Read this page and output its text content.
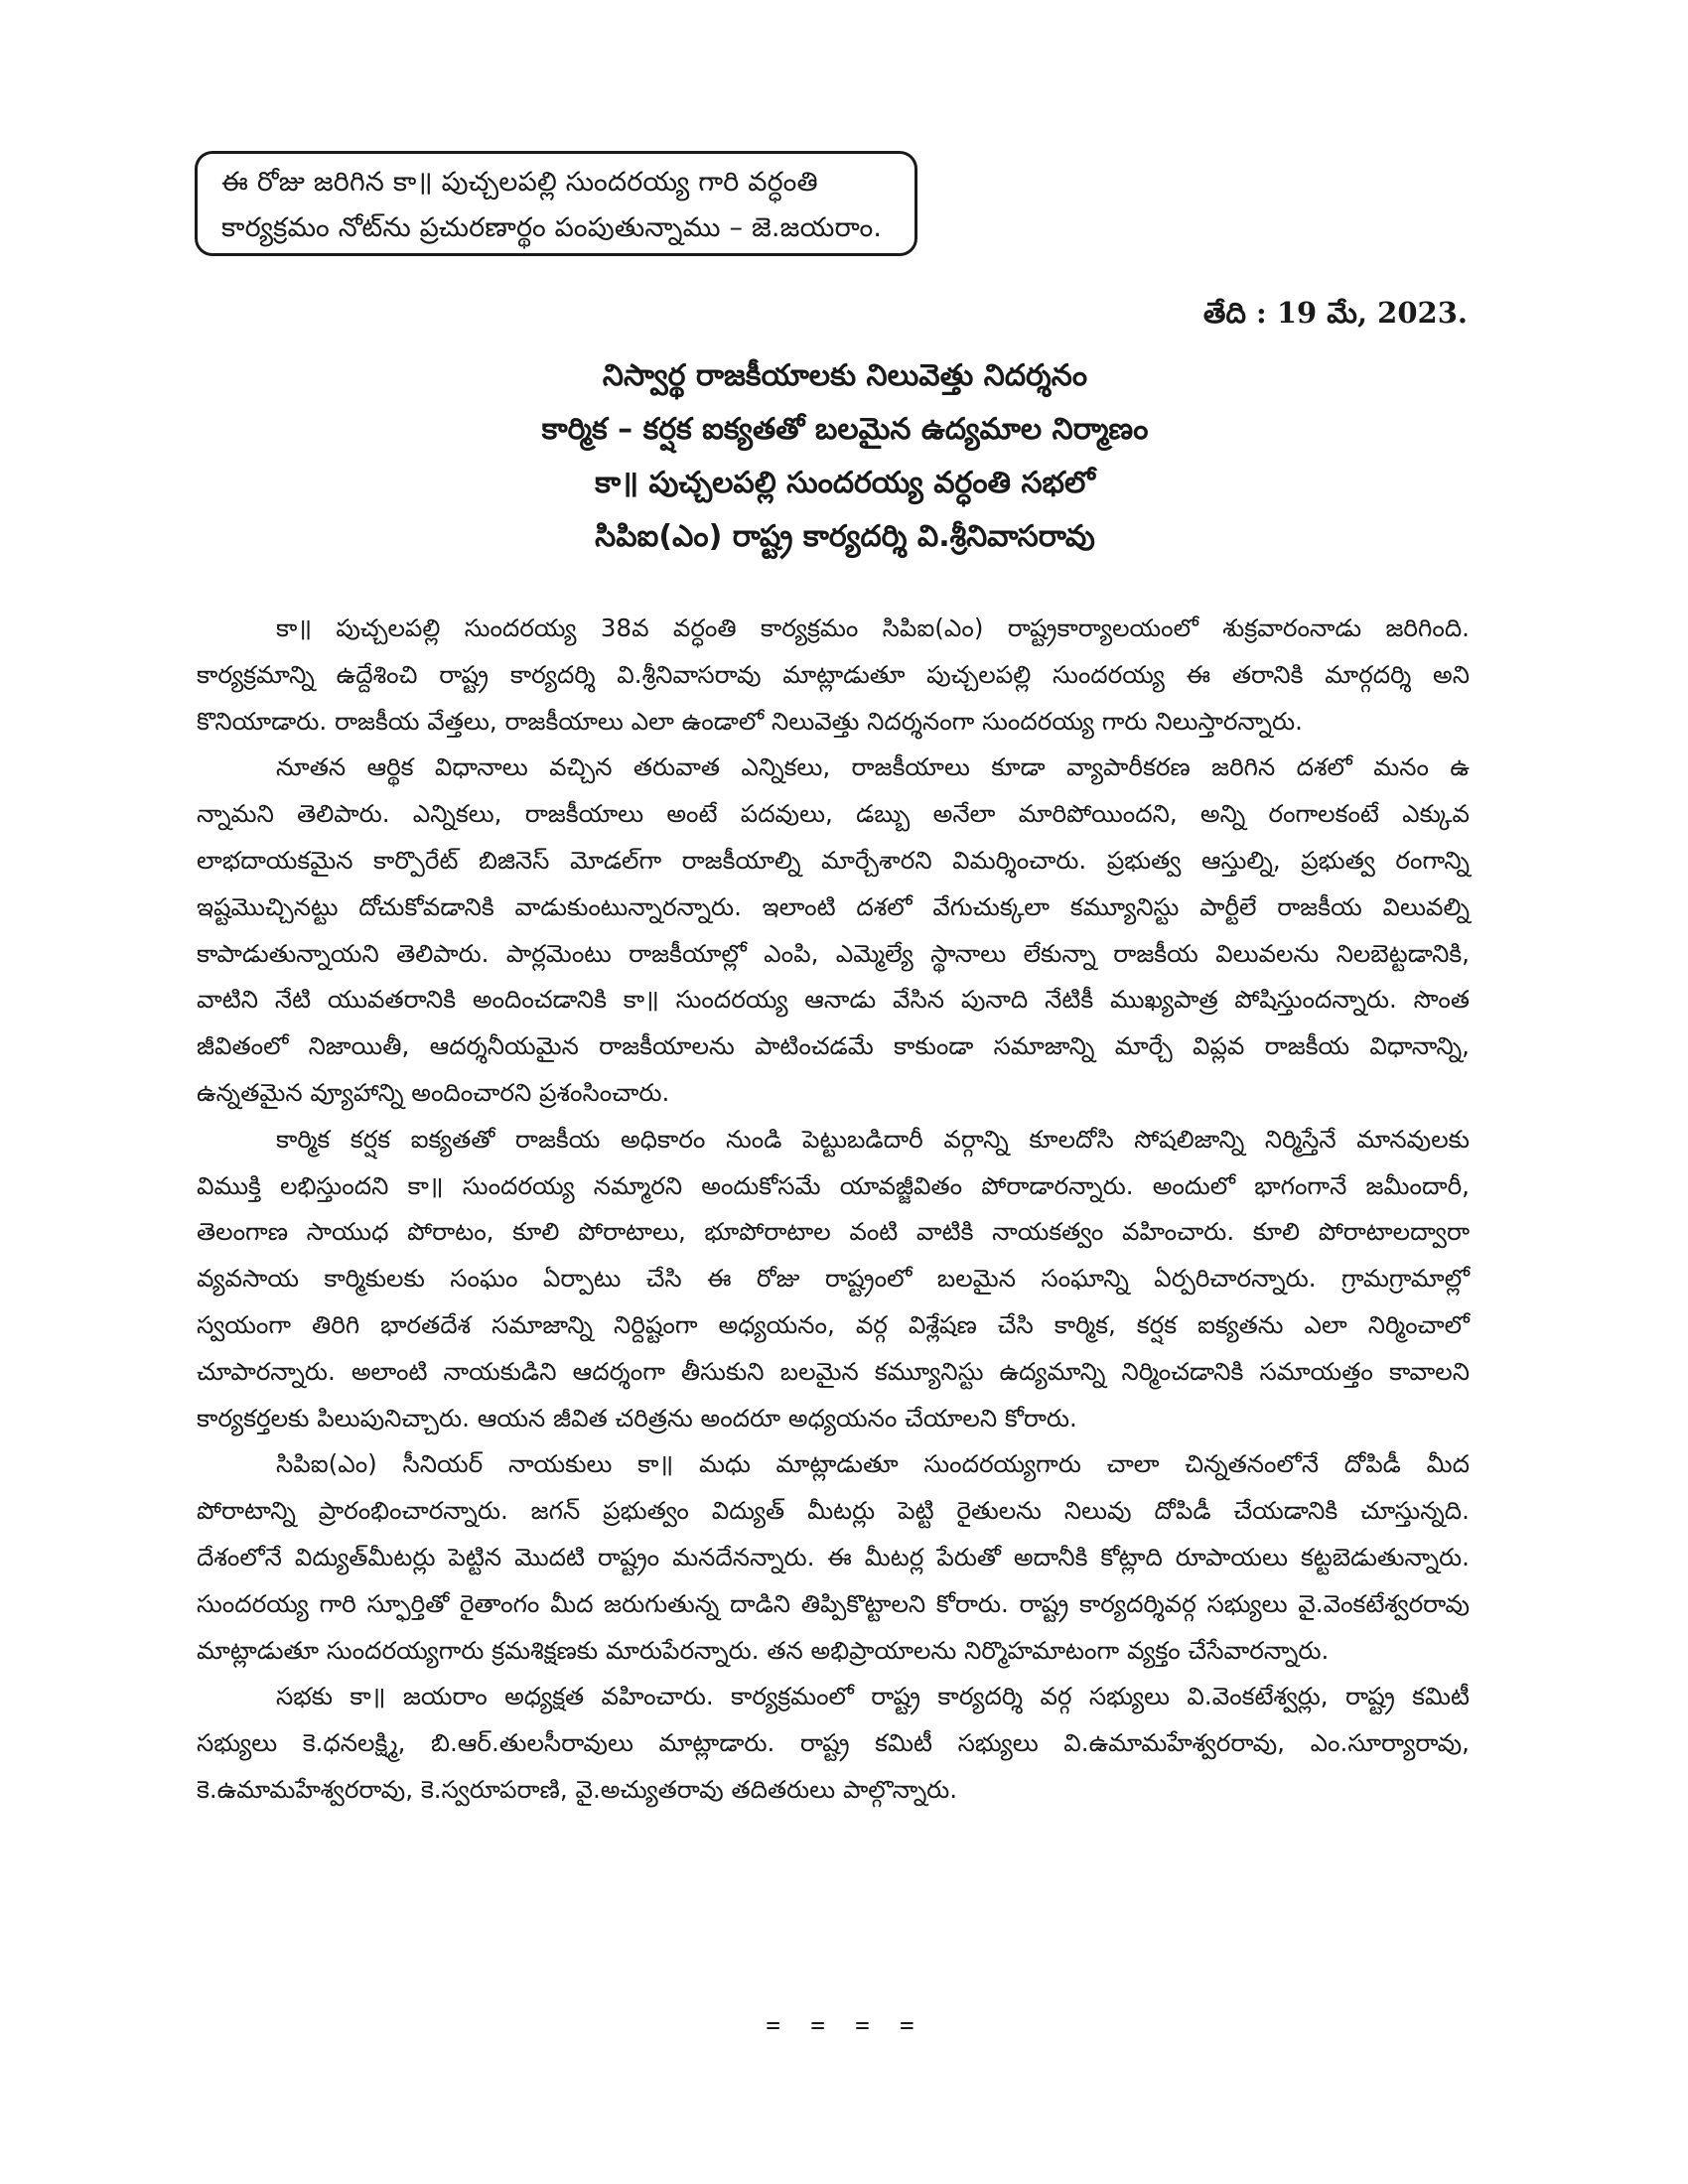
ఈ రోజు జరిగిన కా॥ పుచ్చలపల్లి సుందరయ్య గారి వర్ధంతి
కార్యక్రమం నోట్‌ను ప్రచురణార్థం పంపుతున్నాము – జె.జయరాం.
తేది : 19 మే, 2023.
నిస్వార్థ రాజకీయాలకు నిలువెత్తు నిదర్శనం
కార్మిక – కర్షక ఐక్యతతో బలమైన ఉద్యమాల నిర్మాణం
కా॥ పుచ్చలపల్లి సుందరయ్య వర్ధంతి సభలో
సిపిఐ(ఎం) రాష్ట్ర కార్యదర్శి వి.శ్రీనివాసరావు
కా॥ పుచ్చలపల్లి సుందరయ్య 38వ వర్ధంతి కార్యక్రమం సిపిఐ(ఎం) రాష్ట్రకార్యాలయంలో శుక్రవారంనాడు జరిగింది.
కార్యక్రమాన్ని ఉద్దేశించి రాష్ట్ర కార్యదర్శి వి.శ్రీనివాసరావు మాట్లాడుతూ పుచ్చలపల్లి సుందరయ్య ఈ తరానికి మార్గదర్శి అని
కొనియాడారు. రాజకీయ వేత్తలు, రాజకీయాలు ఎలా ఉండాలో నిలువెత్తు నిదర్శనంగా సుందరయ్య గారు నిలుస్తారన్నారు.
నూతన ఆర్థిక విధానాలు వచ్చిన తరువాత ఎన్నికలు, రాజకీయాలు కూడా వ్యాపారీకరణ జరిగిన దశలో మనం ఉ
న్నామని తెలిపారు. ఎన్నికలు, రాజకీయాలు అంటే పదవులు, డబ్బు అనేలా మారిపోయిందని, అన్ని రంగాలకంటే ఎక్కువ
లాభదాయకమైన కార్పొరేట్ బిజినెస్ మోడల్‌గా రాజకీయాల్ని మార్చేశారని విమర్శించారు. ప్రభుత్వ ఆస్తుల్ని, ప్రభుత్వ రంగాన్ని
ఇష్టమొచ్చినట్టు దోచుకోవడానికి వాడుకుంటున్నారన్నారు. ఇలాంటి దశలో వేగుచుక్కలా కమ్యూనిస్టు పార్టీలే రాజకీయ విలువల్ని
కాపాడుతున్నాయని తెలిపారు. పార్లమెంటు రాజకీయాల్లో ఎంపి, ఎమ్మెల్యే స్థానాలు లేకున్నా రాజకీయ విలువలను నిలబెట్టడానికి,
వాటిని నేటి యువతరానికి అందించడానికి కా॥ సుందరయ్య ఆనాడు వేసిన పునాది నేటికీ ముఖ్యపాత్ర పోషిస్తుందన్నారు. సొంత
జీవితంలో నిజాయితీ, ఆదర్శనీయమైన రాజకీయాలను పాటించడమే కాకుండా సమాజాన్ని మార్చే విప్లవ రాజకీయ విధానాన్ని,
ఉన్నతమైన వ్యూహాన్ని అందించారని ప్రశంసించారు.
కార్మిక కర్షక ఐక్యతతో రాజకీయ అధికారం నుండి పెట్టుబడిదారీ వర్గాన్ని కూలదోసి సోషలిజాన్ని నిర్మిస్తేనే మానవులకు
విముక్తి లభిస్తుందని కా॥ సుందరయ్య నమ్మారని అందుకోసమే యావజ్జీవితం పోరాడారన్నారు. అందులో భాగంగానే జమీందారీ,
తెలంగాణ సాయుధ పోరాటం, కూలి పోరాటాలు, భూపోరాటాల వంటి వాటికి నాయకత్వం వహించారు. కూలి పోరాటాలద్వారా
వ్యవసాయ కార్మికులకు సంఘం ఏర్పాటు చేసి ఈ రోజు రాష్ట్రంలో బలమైన సంఘాన్ని ఏర్పరిచారన్నారు. గ్రామగ్రామాల్లో
స్వయంగా తిరిగి భారతదేశ సమాజాన్ని నిర్దిష్టంగా అధ్యయనం, వర్గ విశ్లేషణ చేసి కార్మిక, కర్షక ఐక్యతను ఎలా నిర్మించాలో
చూపారన్నారు. అలాంటి నాయకుడిని ఆదర్శంగా తీసుకుని బలమైన కమ్యూనిస్టు ఉద్యమాన్ని నిర్మించడానికి సమాయత్తం కావాలని
కార్యకర్తలకు పిలుపునిచ్చారు. ఆయన జీవిత చరిత్రను అందరూ అధ్యయనం చేయాలని కోరారు.
సిపిఐ(ఎం) సీనియర్ నాయకులు కా॥ మధు మాట్లాడుతూ సుందరయ్యగారు చాలా చిన్నతనంలోనే దోపిడీ మీద
పోరాటాన్ని ప్రారంభించారన్నారు. జగన్ ప్రభుత్వం విద్యుత్ మీటర్లు పెట్టి రైతులను నిలువు దోపిడీ చేయడానికి చూస్తున్నది.
దేశంలోనే విద్యుత్‌మీటర్లు పెట్టిన మొదటి రాష్ట్రం మనదేనన్నారు. ఈ మీటర్ల పేరుతో అదానీకి కోట్లాది రూపాయలు కట్టబెడుతున్నారు.
సుందరయ్య గారి స్ఫూర్తితో రైతాంగం మీద జరుగుతున్న దాడిని తిప్పికొట్టాలని కోరారు. రాష్ట్ర కార్యదర్శివర్గ సభ్యులు వై.వెంకటేశ్వరరావు
మాట్లాడుతూ సుందరయ్యగారు క్రమశిక్షణకు మారుపేరన్నారు. తన అభిప్రాయాలను నిర్మొహమాటంగా వ్యక్తం చేసేవారన్నారు.
సభకు కా॥ జయరాం అధ్యక్షత వహించారు. కార్యక్రమంలో రాష్ట్ర కార్యదర్శి వర్గ సభ్యులు వి.వెంకటేశ్వర్లు, రాష్ట్ర కమిటీ
సభ్యులు కె.ధనలక్ష్మి, బి.ఆర్.తులసీరావులు మాట్లాడారు. రాష్ట్ర కమిటీ సభ్యులు వి.ఉమామహేశ్వరరావు, ఎం.సూర్యారావు,
కె.ఉమామహేశ్వరరావు, కె.స్వరూపరాణి, వై.అచ్యుతరావు తదితరులు పాల్గొన్నారు.
= = = =
